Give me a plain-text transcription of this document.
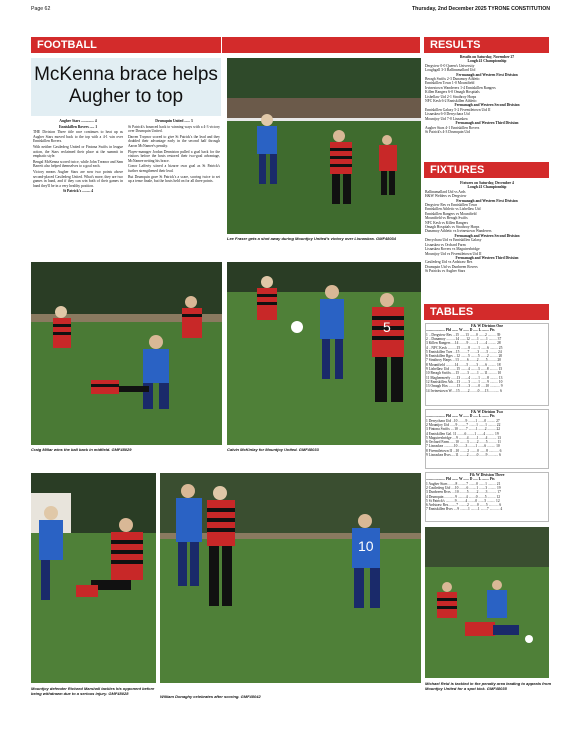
Page 62	Thursday, 2nd December 2025 TYRONE CONSTITUTION
FOOTBALL
McKenna brace helps Augher to top

Augher Stars .............. 4

Enniskillen Rovers ..... 1

THE Division Three title race continues to heat up as Augher Stars moved back to the top with a 4-1 win over Enniskillen Rovers.

With neither Castlederg United or Fintona Swifts in league action, the Stars reclaimed their place at the summit in emphatic style.

Bengal McKenna scored twice, while John Treanor and Sam Barrett also helped themselves to a goal each.

Victory means Augher Stars are now two points above second-placed Castlederg United. What's more, they are two games in hand, and if they can win both of their games in hand they'll be in a very healthy position.

St Patrick's ......... 4

Drumquin United ...... 3

St Patrick's bounced back to winning ways with a 4-3 victory over Drumquin United.

Darren Traynor scored to give St Patrick's the lead and they doubled their advantage early in the second half through Aaron McNamee's penalty.

Player-manager Jordan Denniston pulled a goal back for the visitors before the hosts restored their two-goal advantage, McNamee netting his brace.

Conor Lafferty stirred a bizarre own goal as St Patrick's further strengthened their lead.

But Drumquin gave St Patrick's a scare, scoring twice to set up a tense finale, but the hosts held on for all three points.

Lee Fraser gets a shot away during Mountjoy United's victory over Lisnaskea. GMF48034
Craig Millar wins the ball back in midfield. GMF48029
5
Calvin McKinlay for Mountjoy United. GMF48033
Mountjoy defender Richard Marshall tackles his opponent before being withdrawn due to a serious injury. GMF48028
10
William Donaghy celebrates after scoring. GMF48042
RESULTS
Results on Saturday, November 27
Lough 41 Championship
Dergview 0-0 Queen's University
Loughgall 3-3 Ballinamallard Utd
Fermanagh and Western First Division
Beragh Swifts 2-3 Dunamoy Athletic
Enniskillen Town 1-0 Mountfield
Irvinestown Wanderers 1-4 Enniskillen Rangers
Killen Rangers 6-0 Omagh Hospitals
Lisbellaw Utd 2-1 Strathroy Harps
NFC Kesh 6-2 Enniskillen Athletic
Fermanagh and Western Second Division
Enniskillen Galaxy 5-2 Fivemiletown Utd II
Lisnaskea 6-0 Derrychara Utd
Mountjoy Utd 7-0 Lisnaskea
Fermanagh and Western Third Division
Augher Stars 4-1 Enniskillen Rovers
St Patrick's 4-3 Drumquin Utd
FIXTURES
Fixtures on Saturday, December 4
Lough 41 Championship
Ballinamallard Utd vs Ards
H&W Welders vs Dergview
Fermanagh and Western First Division
Dergview Res vs Enniskillen Town
Enniskillen Athletic vs Lisbellaw Utd
Enniskillen Rangers vs Mountfield
Mountfield vs Beragh Swifts
NFC Kesh vs Killen Rangers
Omagh Hospitals vs Strathroy Harps
Dunamoy Athletic vs Irvinestown Wanderers
Fermanagh and Western Second Division
Derrychara Utd vs Enniskillen Galaxy
Lisnaskea vs Orchard Farm
Lisnaskea Rovers vs Maguiresbridge
Mountjoy Utd vs Fivemiletown Utd II
Fermanagh and Western Third Division
Castlederg Utd vs Ardstraw Res
Drumquin Utd vs Dunbreen Rovers
St Patricks vs Augher Stars
TABLES
F& W Division One
..................... Pld ....... W ...... D ..... L ........ Pts
1 .. Dergview Res ...15 ......13 .......0 .......2 ......... 39
2 .. Dunamoy ..........14 .......12 .......1 .......1 ......... 37
3 Killen Rangers ....14 ........9 ........1 .......4 ......... 28
4 .. NFC Kesh ..........15 ........8 ........1 .......6 ......... 25
5 Enniskillen Twn ...15 ........7 ........3 .......5 ......... 24
6 Enniskillen Rgrs ...12 ........5 ........5 .......2 ......... 20
7 Strathroy Harps ...13 ........6 ........2 .......5 ......... 20
8 Mountfield ..........14 ........5 ........3 .......6 ......... 18
9 Lisbellaw Utd .......15 ........4 ........3 .......8 ......... 15
10 Beragh Swifts.....15 ........3 ........1 .....11 ......... 10
11 Maghermeely ......13 ........4 ........1 .......8 ......... 13
12 Enniskillen Ath....13 ........3 ........1 .......9 ......... 10
13 Omagh Hos .........13 ........3 ........0 .....10 ........... 9
14 Irvinestown W.....15 ........2 ........0 .....13 ........... 6
F& W Division Two
..................... Pld ....... W ...... D ..... L ........ Pts
1 Derrychara Utd ..10 ........9 ........1 .......0 ......... 27
2 Mountjoy Utd ......9 .........7 ........1 .......1 ......... 22
3 Fintona Swifts ....10 ........7 ........1 .......2 ......... 22
4 Enniskillen Gal. 11 ........6 ........1 .......4 ......... 19
5 Maguiresbridge ....9 .........4 ........1 .......4 ......... 13
6 Orchard Farm.......10 ........3 ........2 .......5 ......... 11
7 Lisnaskea ...........10 ........3 ........1 .......6 ......... 10
8 Fivemiletown II ...10 ........2 ........0 .......8 ........... 6
9 Lisnaskea Rvrs.....11 ........2 ........0 .......9 ........... 6
F& W Division Three
..................... Pld ....... W ...... D ..... L ........ Pts
1 Augher Stars ........8 .........7 ........0 .......1 ......... 21
2 Castlederg Utd ....10 ........6 ........1 .......3 ......... 19
3 Dunbreen Rvrs. ...10 ........5 ........2 .......3 ......... 17
4 Drumquin ............9 .........4 ........0 .......5 ......... 12
5 St Patrick's ..........9 .........4 ........0 .......5 ......... 12
6 Ardstraw Res.........7 .........2 ........0 .......5 ........... 6
7 Enniskillen Rvrs ....9 .........1 ........1 .......7 ........... 4
Michael Reid is tackled in the penalty area leading to appeals from Mountjoy United for a spot kick. GMF48035
